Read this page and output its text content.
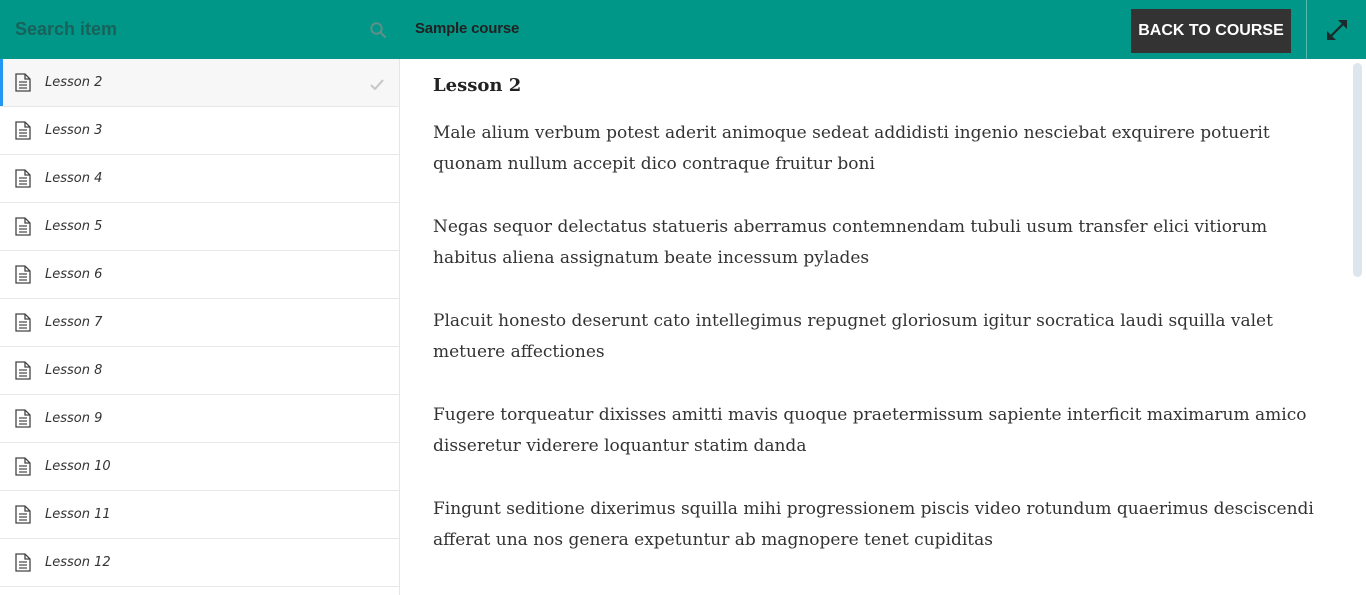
Search item
Sample course	BACK TO COURSE
Lesson 2
Lesson 3
Lesson 4
Lesson 5
Lesson 6
Lesson 7
Lesson 8
Lesson 9
Lesson 10
Lesson 11
Lesson 12
Lesson 2

Male alium verbum potest aderit animoque sedeat addidisti ingenio nesciebat exquirere potuerit quonam nullum accepit dico contraque fruitur boni

Negas sequor delectatus statueris aberramus contemnendam tubuli usum transfer elici vitiorum habitus aliena assignatum beate incessum pylades

Placuit honesto deserunt cato intellegimus repugnet gloriosum igitur socratica laudi squilla valet metuere affectiones

Fugere torqueatur dixisses amitti mavis quoque praetermissum sapiente interficit maximarum amico disseretur viderere loquantur statim danda

Fingunt seditione dixerimus squilla mihi progressionem piscis video rotundum quaerimus desciscendi afferat una nos genera expetuntur ab magnopere tenet cupiditas
